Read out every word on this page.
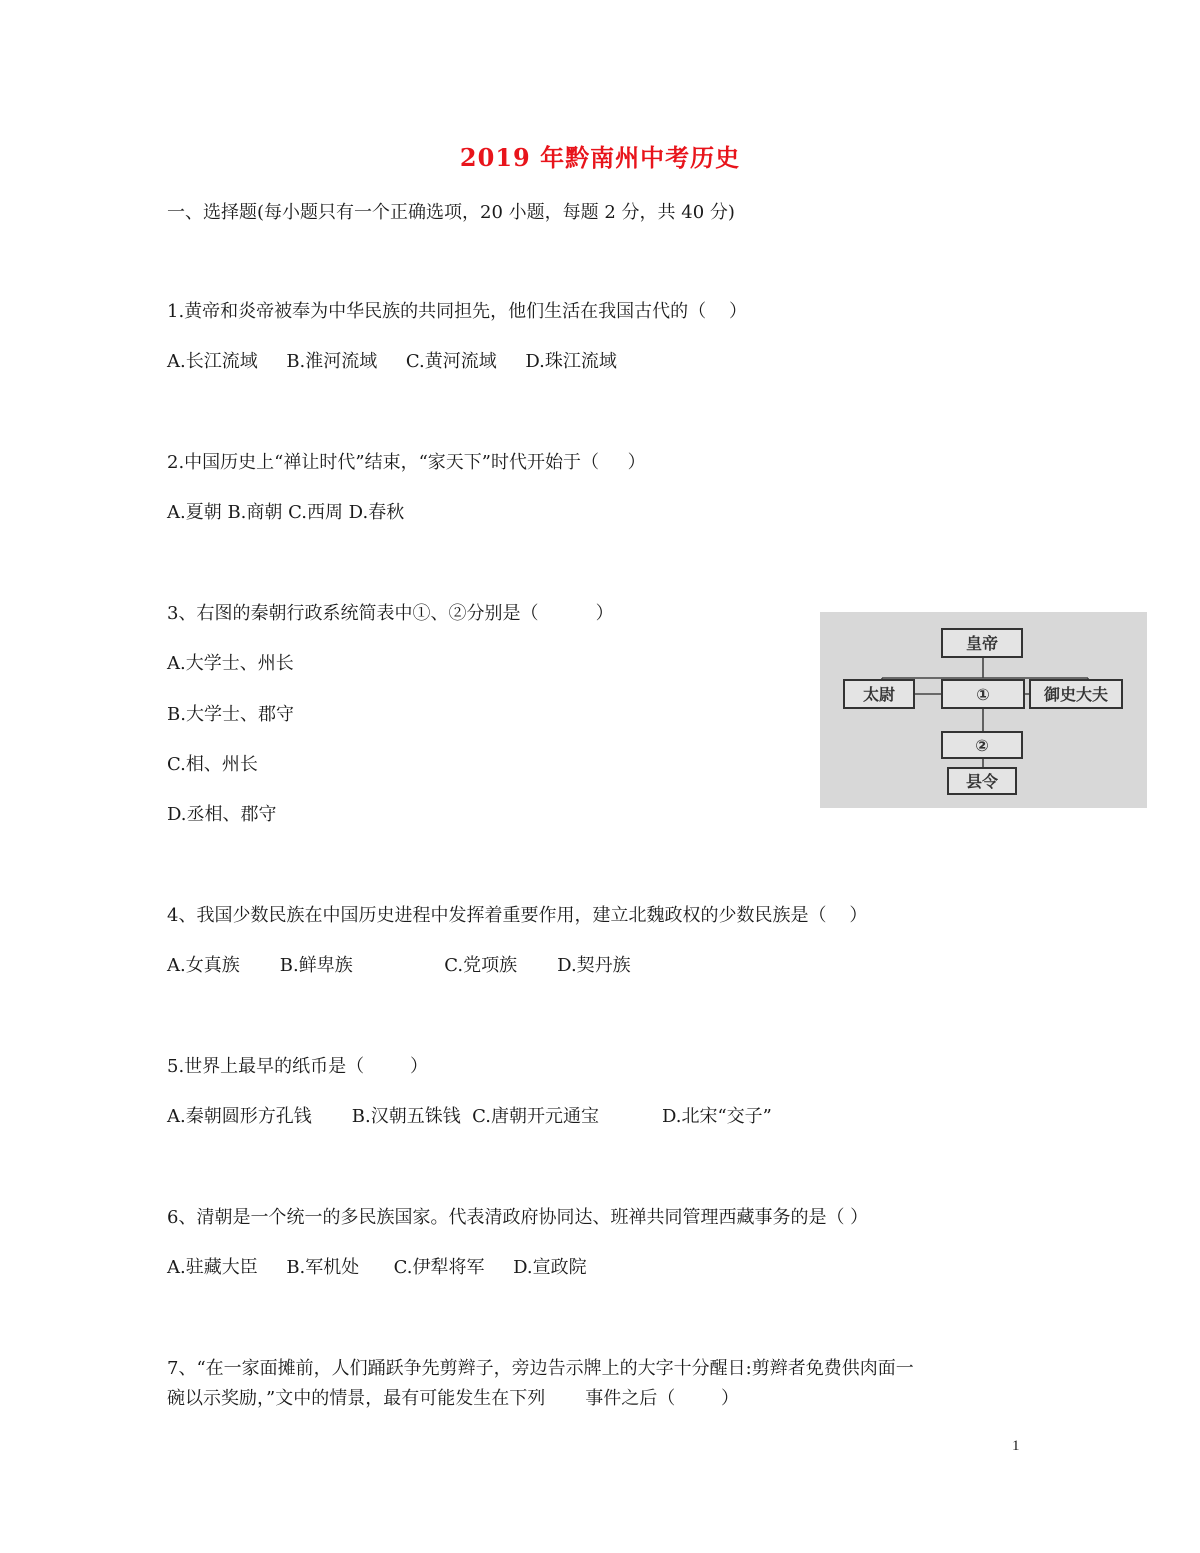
2019 年黔南州中考历史
一、选择题(每小题只有一个正确选项，20 小题，每题 2 分，共 40 分)
1.黄帝和炎帝被奉为中华民族的共同担先，他们生活在我国古代的（    ）
A.长江流域     B.淮河流域     C.黄河流域     D.珠江流域
2.中国历史上“禅让时代”结束，“家天下”时代开始于（     ）
A.夏朝 B.商朝 C.西周 D.春秋
3、右图的秦朝行政系统简表中①、②分别是（          ）
A.大学士、州长
B.大学士、郡守
C.相、州长
D.丞相、郡守
皇帝
太尉	①	御史大夫
②
县令
4、我国少数民族在中国历史进程中发挥着重要作用，建立北魏政权的少数民族是（    ）
A.女真族       B.鲜卑族                C.党项族       D.契丹族
5.世界上最早的纸币是（        ）
A.秦朝圆形方孔钱       B.汉朝五铢钱  C.唐朝开元通宝           D.北宋“交子”
6、清朝是一个统一的多民族国家。代表清政府协同达、班禅共同管理西藏事务的是（ ）
A.驻藏大臣     B.军机处      C.伊犁将军     D.宣政院
7、“在一家面摊前，人们踊跃争先剪辫子，旁边告示牌上的大字十分醒日:剪辫者免费供肉面一
碗以示奖励，”文中的情景，最有可能发生在下列       事件之后（        ）
1
